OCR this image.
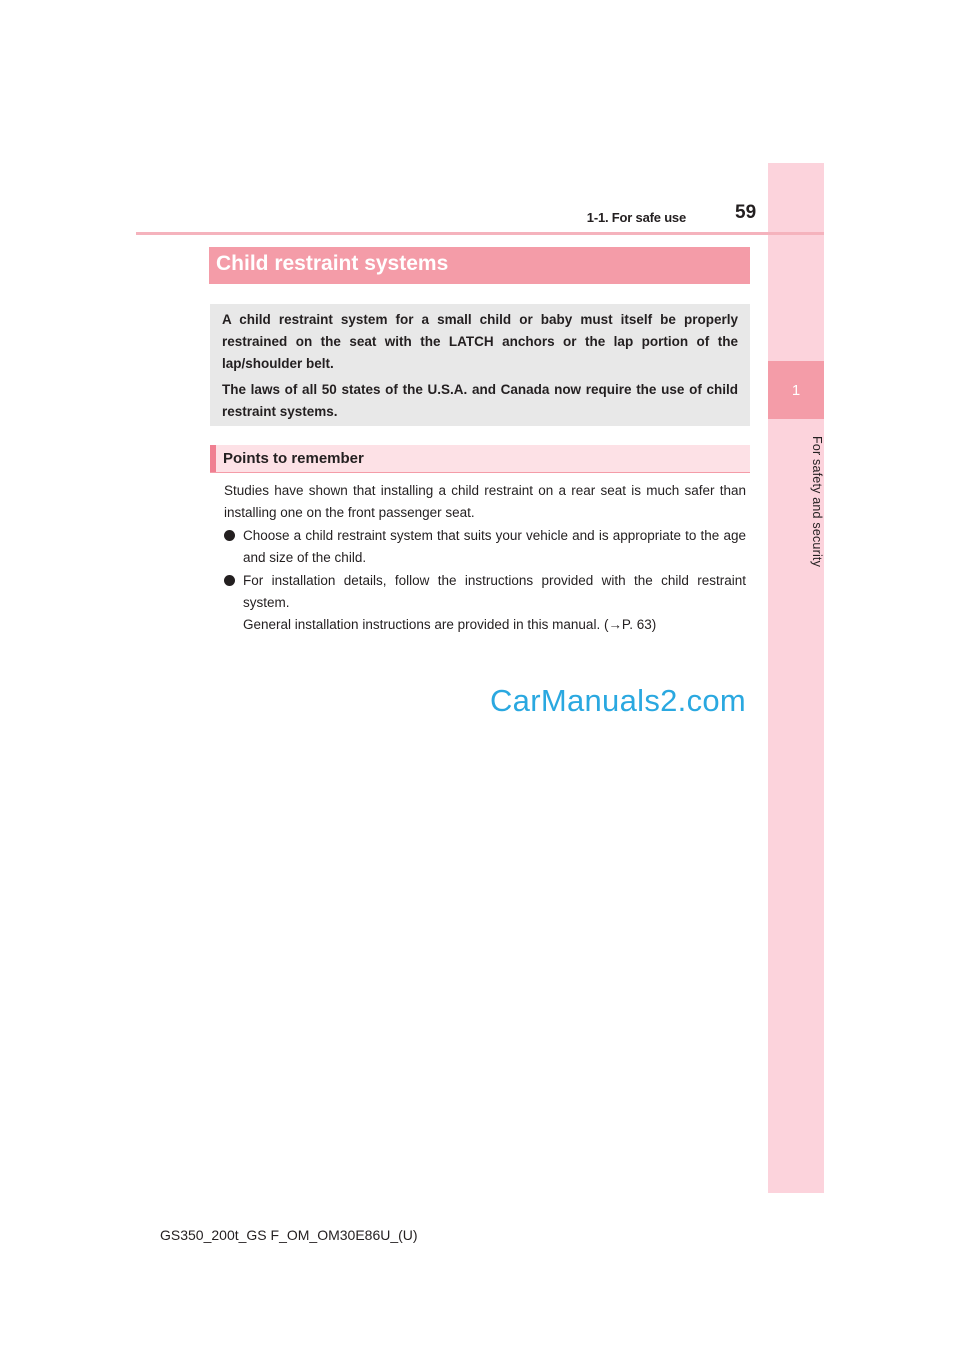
1
For safety and security
1-1. For safe use	59
Child restraint systems

A child restraint system for a small child or baby must itself be properly restrained on the seat with the LATCH anchors or the lap portion of the lap/shoulder belt.

The laws of all 50 states of the U.S.A. and Canada now require the use of child restraint systems.

Points to remember

Studies have shown that installing a child restraint on a rear seat is much safer than installing one on the front passenger seat.

Choose a child restraint system that suits your vehicle and is appropriate to the age and size of the child.
For installation details, follow the instructions provided with the child restraint system.
General installation instructions are provided in this manual. (→P. 63)
CarManuals2.com
GS350_200t_GS F_OM_OM30E86U_(U)
